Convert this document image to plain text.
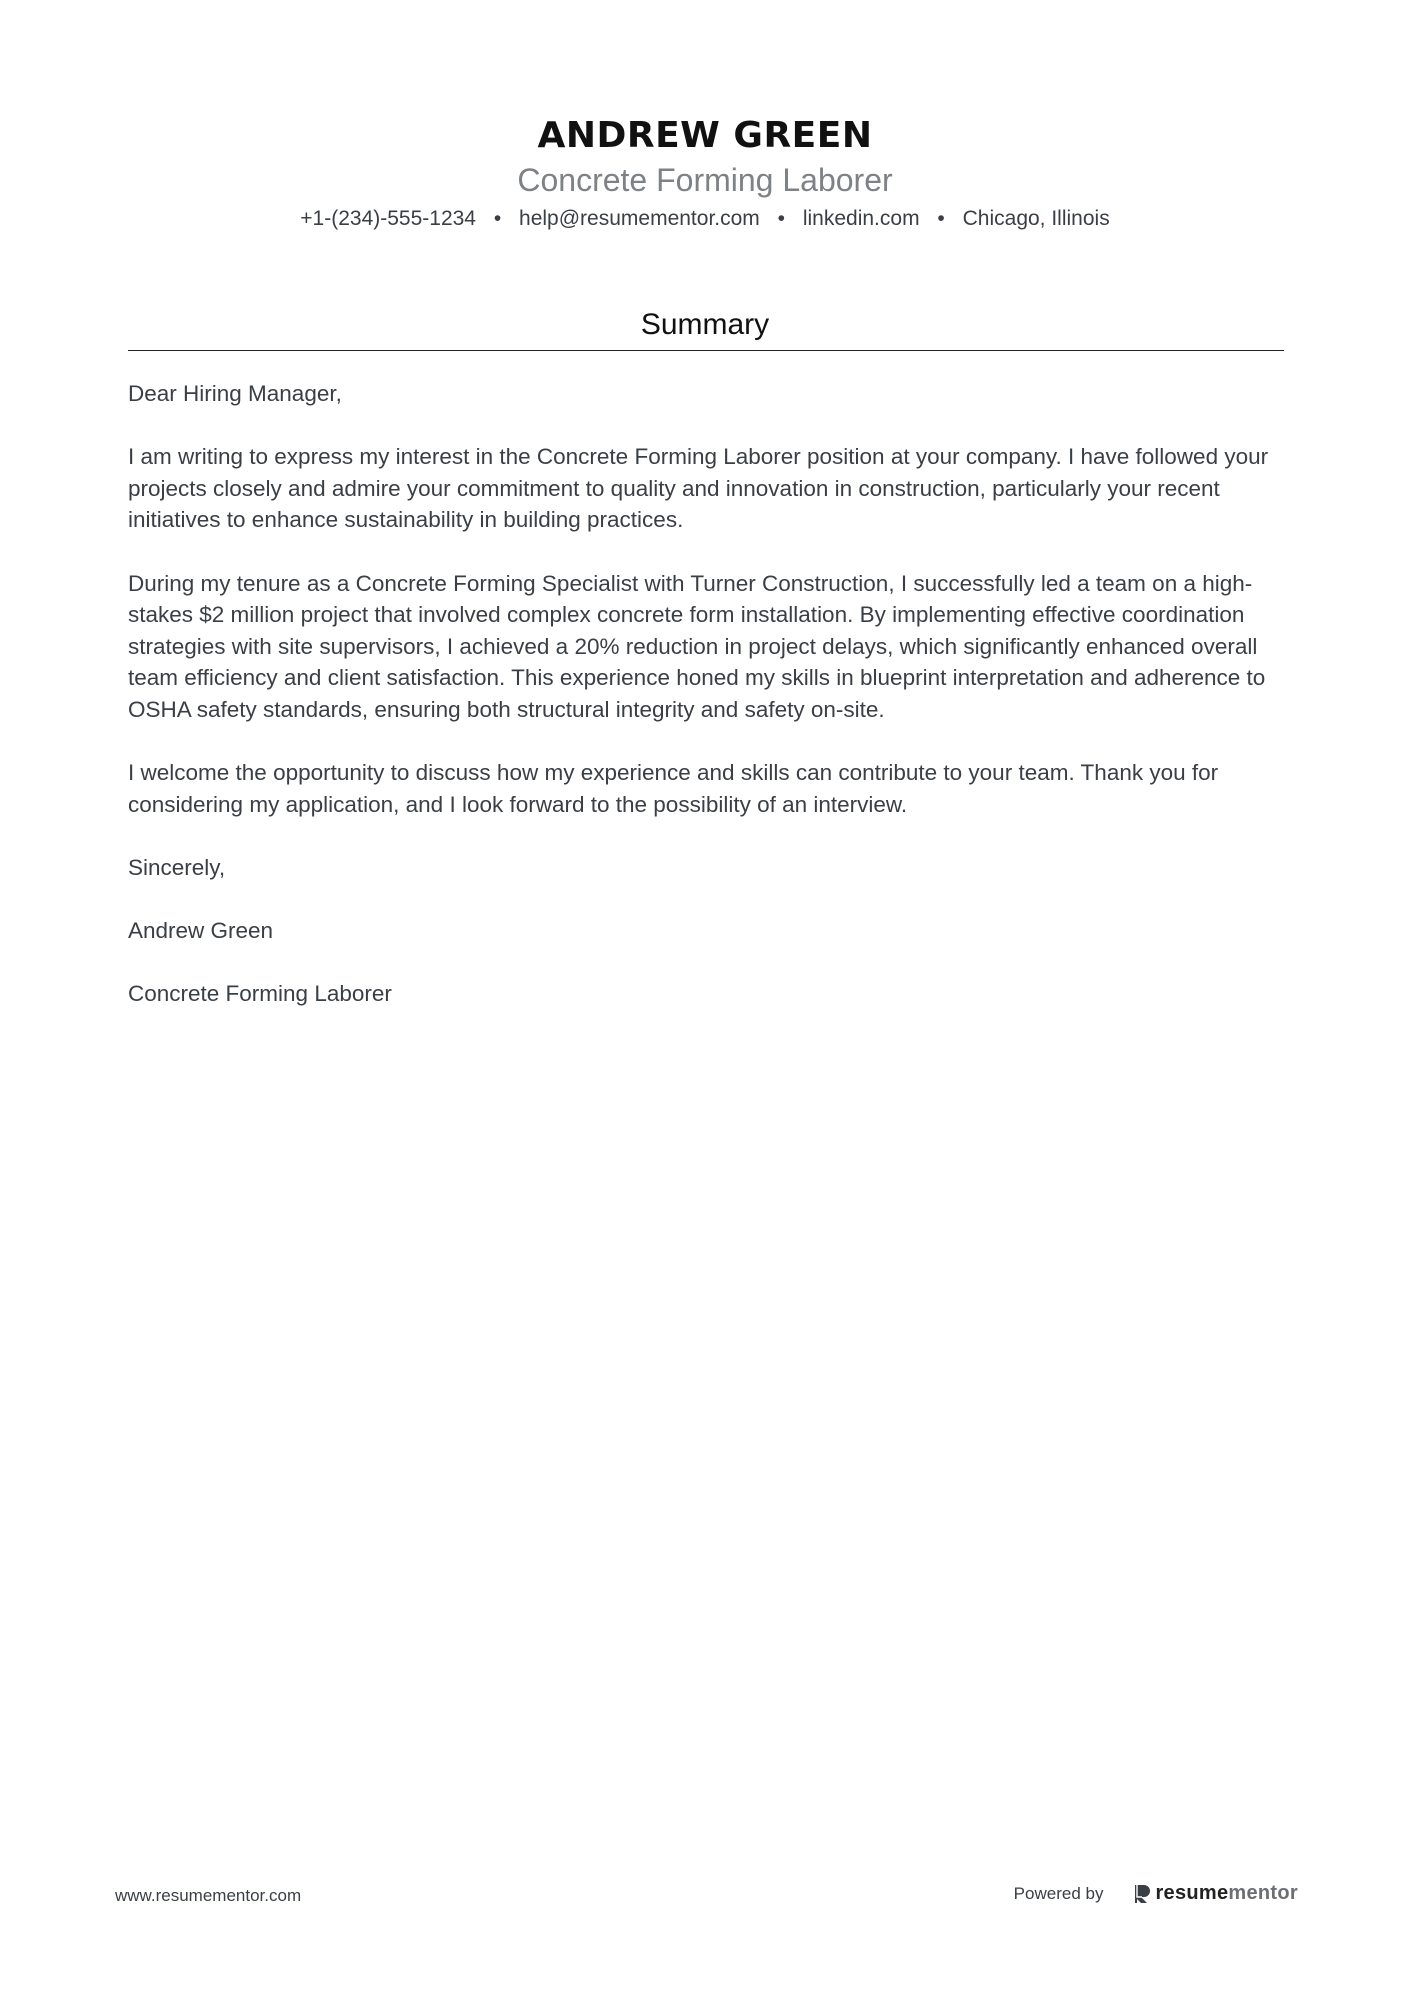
ANDREW GREEN
Concrete Forming Laborer
+1-(234)-555-1234 • help@resumementor.com • linkedin.com • Chicago, Illinois
Summary

Dear Hiring Manager,

I am writing to express my interest in the Concrete Forming Laborer position at your company. I have followed your projects closely and admire your commitment to quality and innovation in construction, particularly your recent initiatives to enhance sustainability in building practices.

During my tenure as a Concrete Forming Specialist with Turner Construction, I successfully led a team on a high-stakes $2 million project that involved complex concrete form installation. By implementing effective coordination strategies with site supervisors, I achieved a 20% reduction in project delays, which significantly enhanced overall team efficiency and client satisfaction. This experience honed my skills in blueprint interpretation and adherence to OSHA safety standards, ensuring both structural integrity and safety on-site.

I welcome the opportunity to discuss how my experience and skills can contribute to your team. Thank you for considering my application, and I look forward to the possibility of an interview.

Sincerely,

Andrew Green

Concrete Forming Laborer

www.resumementor.com	Powered by	resume mentor
